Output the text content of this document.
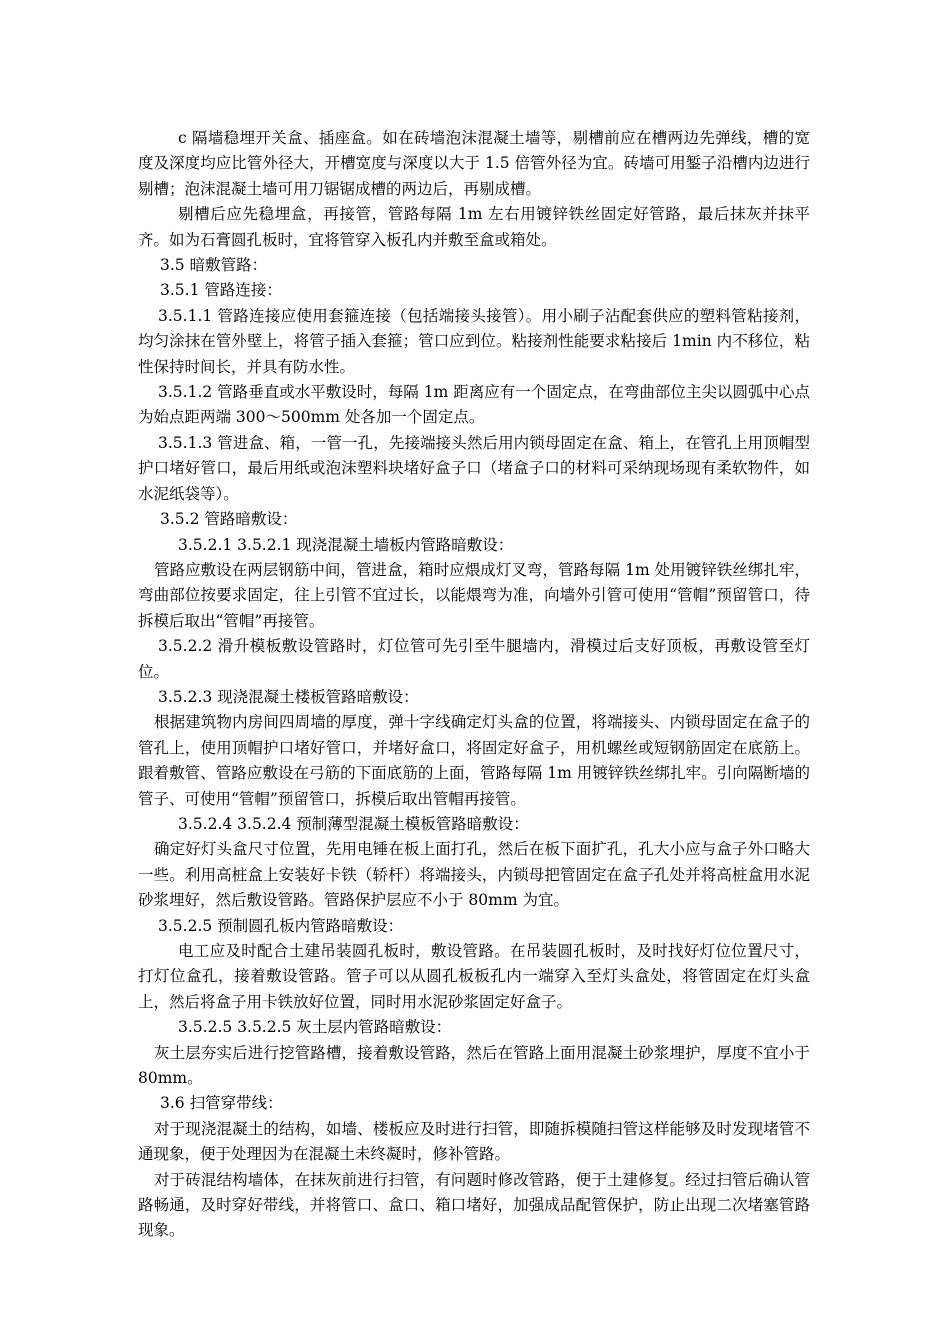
c 隔墙稳埋开关盒、插座盒。如在砖墙泡沫混凝土墙等，剔槽前应在槽两边先弹线，槽的宽度及深度均应比管外径大，开槽宽度与深度以大于 1.5 倍管外径为宜。砖墙可用錾子沿槽内边进行剔槽；泡沫混凝土墙可用刀锯锯成槽的两边后，再剔成槽。

剔槽后应先稳埋盒，再接管，管路每隔 1m 左右用镀锌铁丝固定好管路，最后抹灰并抹平齐。如为石膏圆孔板时，宜将管穿入板孔内并敷至盒或箱处。

3.5 暗敷管路：

3.5.1 管路连接：

3.5.1.1 管路连接应使用套箍连接（包括端接头接管）。用小刷子沾配套供应的塑料管粘接剂，均匀涂抹在管外壁上，将管子插入套箍；管口应到位。粘接剂性能要求粘接后 1min 内不移位，粘性保持时间长，并具有防水性。

3.5.1.2 管路垂直或水平敷设时，每隔 1m 距离应有一个固定点，在弯曲部位主尖以圆弧中心点为始点距两端 300～500mm 处各加一个固定点。

3.5.1.3 管进盒、箱，一管一孔，先接端接头然后用内锁母固定在盒、箱上，在管孔上用顶帽型护口堵好管口，最后用纸或泡沫塑料块堵好盒子口（堵盒子口的材料可采纳现场现有柔软物件，如水泥纸袋等）。

3.5.2 管路暗敷设：

3.5.2.1 3.5.2.1 现浇混凝土墙板内管路暗敷设：

管路应敷设在两层钢筋中间，管进盒，箱时应煨成灯叉弯，管路每隔 1m 处用镀锌铁丝绑扎牢，弯曲部位按要求固定，往上引管不宜过长，以能煨弯为准，向墙外引管可使用“管帽”预留管口，待拆模后取出“管帽”再接管。

3.5.2.2 滑升模板敷设管路时，灯位管可先引至牛腿墙内，滑模过后支好顶板，再敷设管至灯位。

3.5.2.3 现浇混凝土楼板管路暗敷设：

根据建筑物内房间四周墙的厚度，弹十字线确定灯头盒的位置，将端接头、内锁母固定在盒子的管孔上，使用顶帽护口堵好管口，并堵好盒口，将固定好盒子，用机螺丝或短钢筋固定在底筋上。跟着敷管、管路应敷设在弓筋的下面底筋的上面，管路每隔 1m 用镀锌铁丝绑扎牢。引向隔断墙的管子、可使用“管帽”预留管口，拆模后取出管帽再接管。

3.5.2.4 3.5.2.4 预制薄型混凝土模板管路暗敷设：

确定好灯头盒尺寸位置，先用电锤在板上面打孔，然后在板下面扩孔，孔大小应与盒子外口略大一些。利用高桩盒上安装好卡铁（轿杆）将端接头，内锁母把管固定在盒子孔处并将高桩盒用水泥砂浆埋好，然后敷设管路。管路保护层应不小于 80mm 为宜。

3.5.2.5 预制圆孔板内管路暗敷设：

电工应及时配合土建吊装圆孔板时，敷设管路。在吊装圆孔板时，及时找好灯位位置尺寸，打灯位盒孔，接着敷设管路。管子可以从圆孔板板孔内一端穿入至灯头盒处，将管固定在灯头盒上，然后将盒子用卡铁放好位置，同时用水泥砂浆固定好盒子。

3.5.2.5 3.5.2.5 灰土层内管路暗敷设：

灰土层夯实后进行挖管路槽，接着敷设管路，然后在管路上面用混凝土砂浆埋护，厚度不宜小于 80mm。

3.6 扫管穿带线：

对于现浇混凝土的结构，如墙、楼板应及时进行扫管，即随拆模随扫管这样能够及时发现堵管不通现象，便于处理因为在混凝土未终凝时，修补管路。

对于砖混结构墙体，在抹灰前进行扫管，有问题时修改管路，便于土建修复。经过扫管后确认管路畅通，及时穿好带线，并将管口、盒口、箱口堵好，加强成品配管保护，防止出现二次堵塞管路现象。
